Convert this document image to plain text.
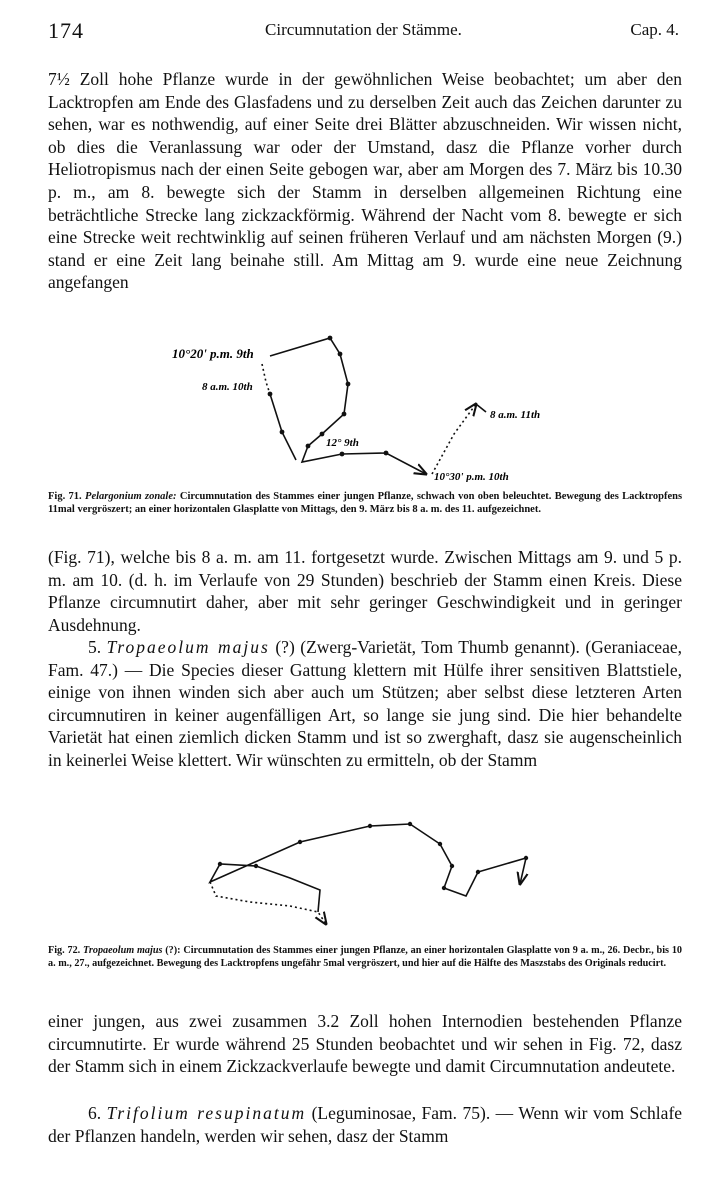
174	Circumnutation der Stämme.	Cap. 4.

7½ Zoll hohe Pflanze wurde in der gewöhnlichen Weise beobachtet; um aber den Lacktropfen am Ende des Glasfadens und zu derselben Zeit auch das Zeichen darunter zu sehen, war es nothwendig, auf einer Seite drei Blätter abzuschneiden. Wir wissen nicht, ob dies die Veranlassung war oder der Umstand, dasz die Pflanze vorher durch Heliotropismus nach der einen Seite gebogen war, aber am Morgen des 7. März bis 10.30 p. m., am 8. bewegte sich der Stamm in derselben allgemeinen Richtung eine beträchtliche Strecke lang zickzackförmig. Während der Nacht vom 8. bewegte er sich eine Strecke weit rechtwinklig auf seinen früheren Verlauf und am nächsten Morgen (9.) stand er eine Zeit lang beinahe still. Am Mittag am 9. wurde eine neue Zeichnung angefangen

10°20' p.m. 9th
8 a.m. 10th
12° 9th
10°30' p.m. 10th
8 a.m. 11th
Fig. 71. Pelargonium zonale: Circumnutation des Stammes einer jungen Pflanze, schwach von oben beleuchtet. Bewegung des Lacktropfens 11mal vergröszert; an einer horizontalen Glasplatte von Mittags, den 9. März bis 8 a. m. des 11. aufgezeichnet.

(Fig. 71), welche bis 8 a. m. am 11. fortgesetzt wurde. Zwischen Mittags am 9. und 5 p. m. am 10. (d. h. im Verlaufe von 29 Stunden) beschrieb der Stamm einen Kreis. Diese Pflanze circumnutirt daher, aber mit sehr geringer Geschwindigkeit und in geringer Ausdehnung.

5. Tropaeolum majus (?) (Zwerg-Varietät, Tom Thumb genannt). (Geraniaceae, Fam. 47.) — Die Species dieser Gattung klettern mit Hülfe ihrer sensitiven Blattstiele, einige von ihnen winden sich aber auch um Stützen; aber selbst diese letzteren Arten circumnutiren in keiner augenfälligen Art, so lange sie jung sind. Die hier behandelte Varietät hat einen ziemlich dicken Stamm und ist so zwerghaft, dasz sie augenscheinlich in keinerlei Weise klettert. Wir wünschten zu ermitteln, ob der Stamm

Fig. 72. Tropaeolum majus (?): Circumnutation des Stammes einer jungen Pflanze, an einer horizontalen Glasplatte von 9 a. m., 26. Decbr., bis 10 a. m., 27., aufgezeichnet. Bewegung des Lacktropfens ungefähr 5mal vergröszert, und hier auf die Hälfte des Maszstabs des Originals reducirt.

einer jungen, aus zwei zusammen 3.2 Zoll hohen Internodien bestehenden Pflanze circumnutirte. Er wurde während 25 Stunden beobachtet und wir sehen in Fig. 72, dasz der Stamm sich in einem Zickzackverlaufe bewegte und damit Circumnutation andeutete.

6. Trifolium resupinatum (Leguminosae, Fam. 75). — Wenn wir vom Schlafe der Pflanzen handeln, werden wir sehen, dasz der Stamm
